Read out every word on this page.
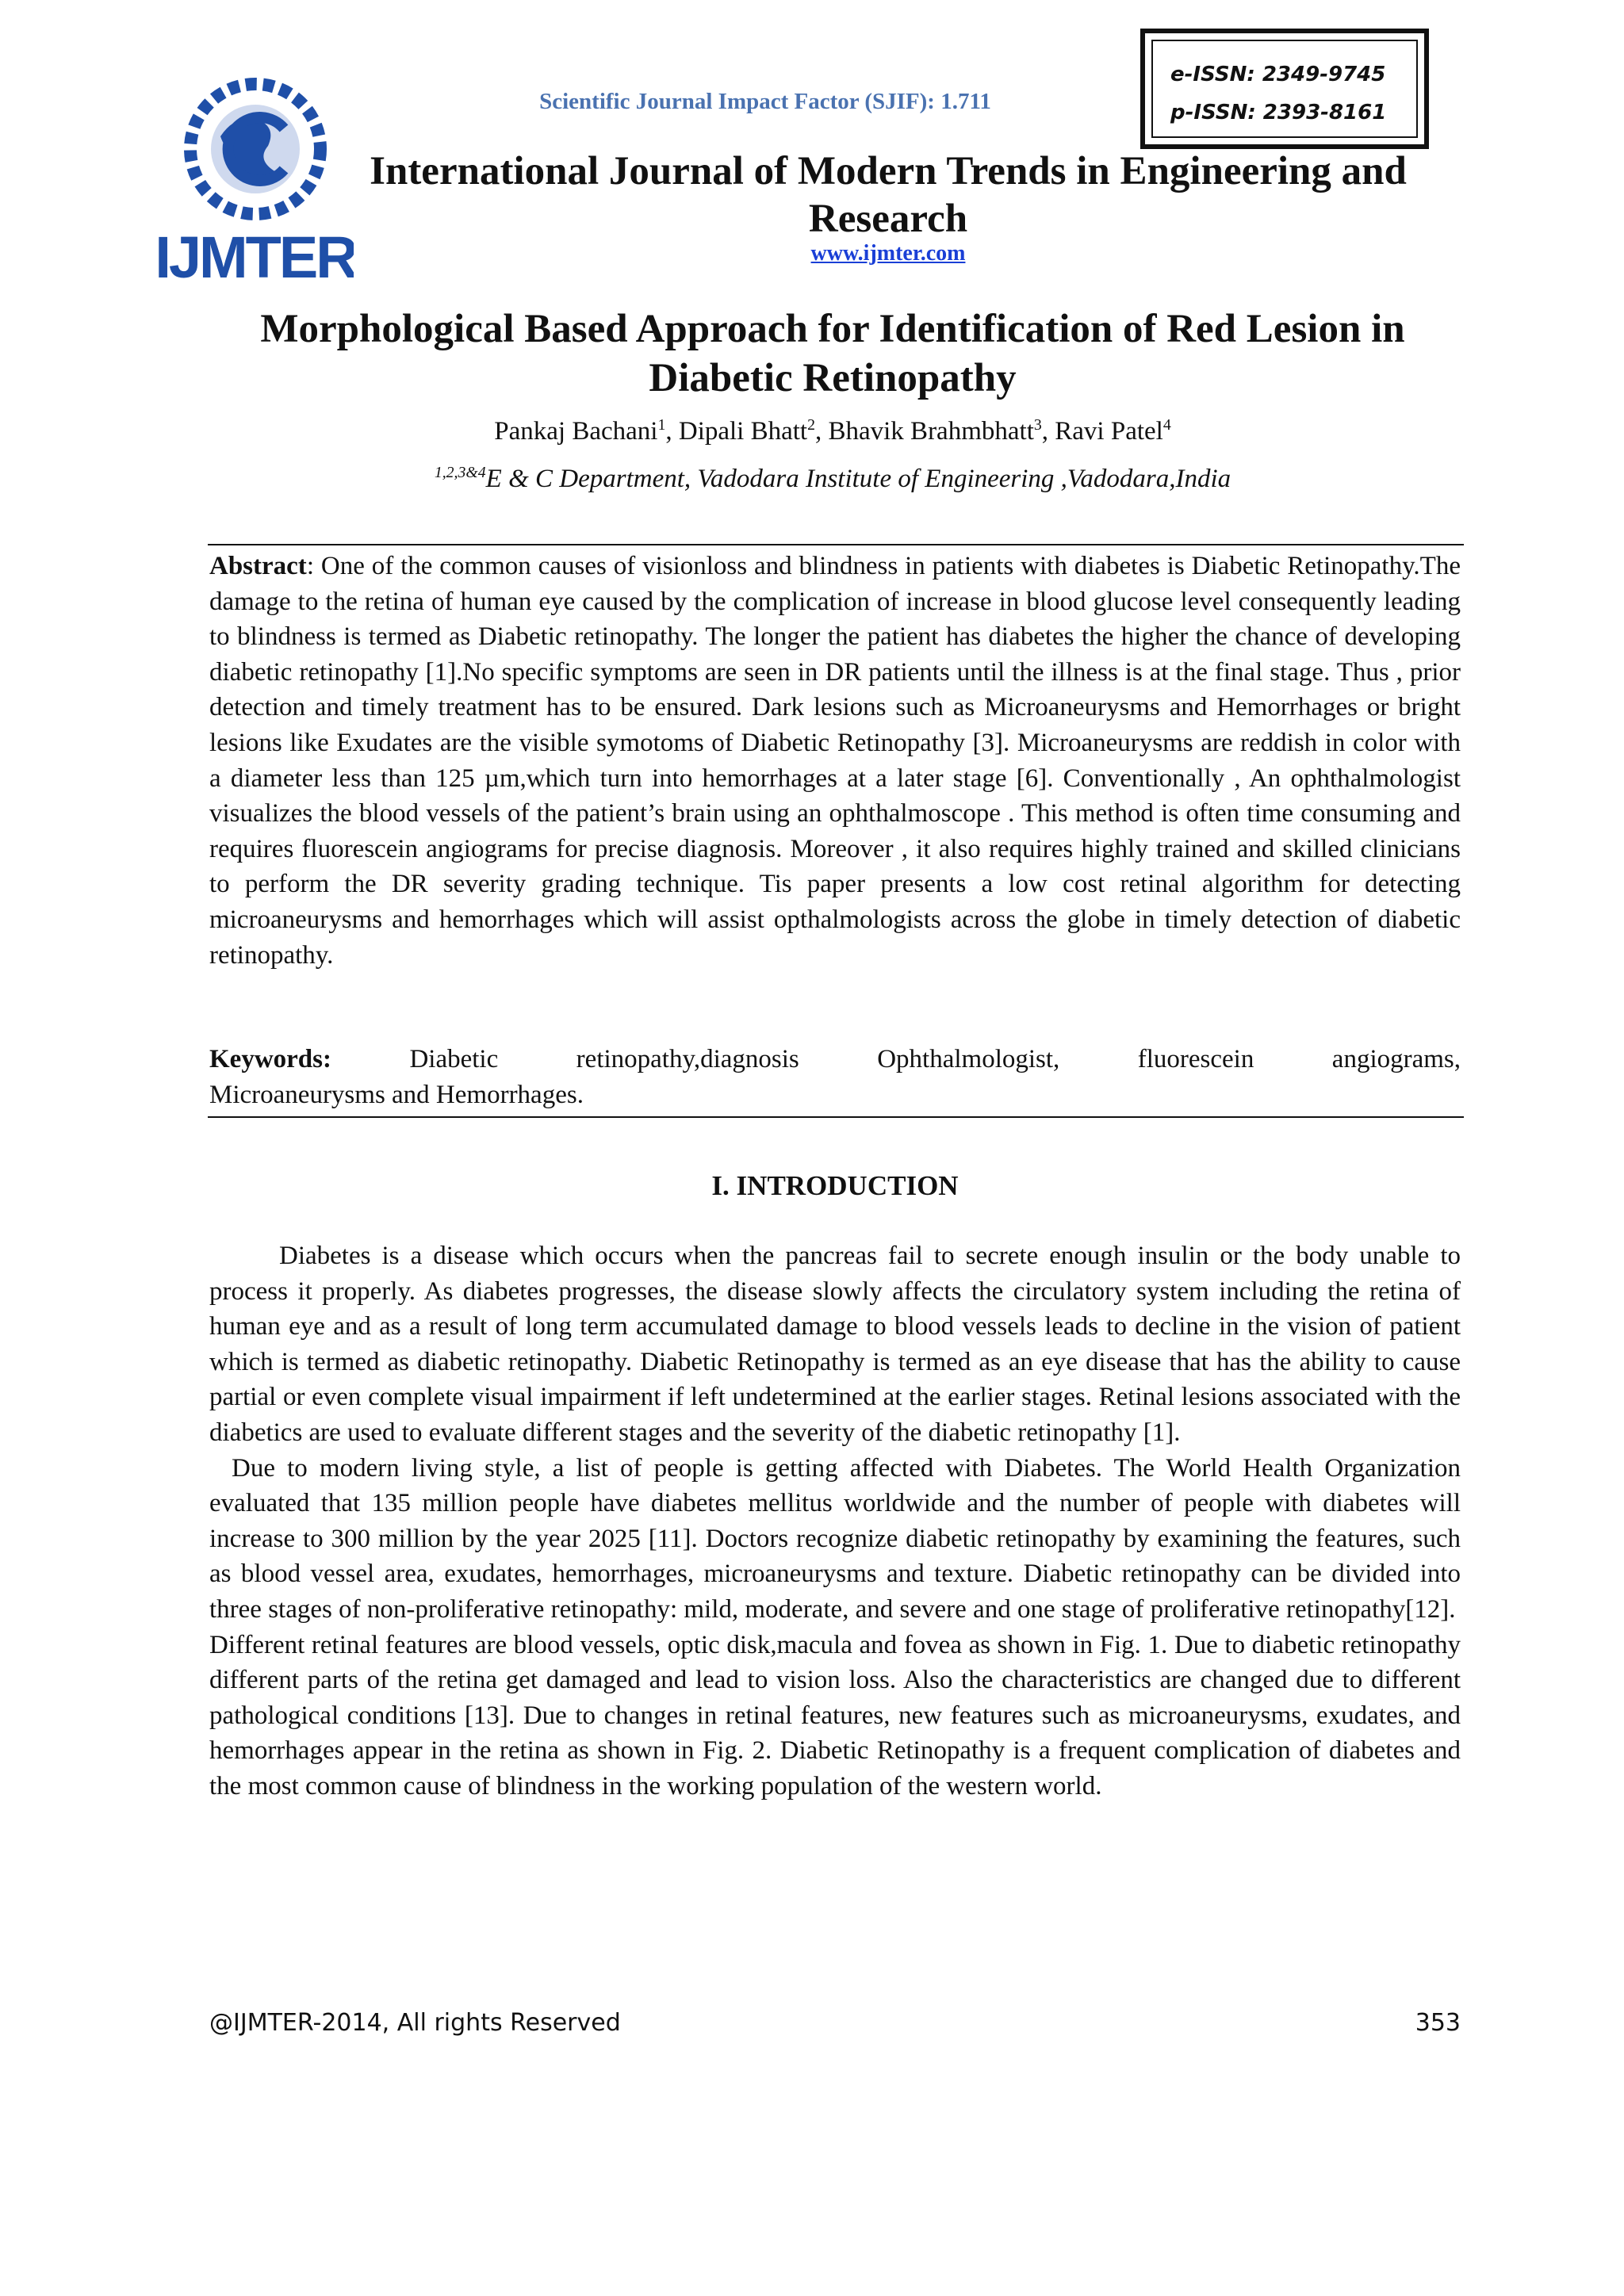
IJMTER
Scientific Journal Impact Factor (SJIF): 1.711
e-ISSN: 2349-9745
p-ISSN: 2393-8161
International Journal of Modern Trends in Engineering and Research
www.ijmter.com
Morphological Based Approach for Identification of Red Lesion in Diabetic Retinopathy
Pankaj Bachani$^1$, Dipali Bhatt$^2$, Bhavik Brahmbhatt$^3$, Ravi Patel$^4$
$^{1,2,3\&4}$E & C Department, Vadodara Institute of Engineering ,Vadodara,India
Abstract: One of the common causes of visionloss and blindness in patients with diabetes is Diabetic Retinopathy.The damage to the retina of human eye caused by the complication of increase in blood glucose level consequently leading to blindness is termed as Diabetic retinopathy. The longer the patient has diabetes the higher the chance of developing diabetic retinopathy [1].No specific symptoms are seen in DR patients until the illness is at the final stage. Thus , prior detection and timely treatment has to be ensured. Dark lesions such as Microaneurysms and Hemorrhages or bright lesions like Exudates are the visible symotoms of Diabetic Retinopathy [3]. Microaneurysms are reddish in color with a diameter less than 125 µm,which turn into hemorrhages at a later stage [6]. Conventionally , An ophthalmologist visualizes the blood vessels of the patient’s brain using an ophthalmoscope . This method is often time consuming and requires fluorescein angiograms for precise diagnosis. Moreover , it also requires highly trained and skilled clinicians to perform the DR severity grading technique. Tis paper presents a low cost retinal algorithm for detecting microaneurysms and hemorrhages which will assist opthalmologists across the globe in timely detection of diabetic retinopathy.
Keywords:	Diabetic retinopathy,diagnosis Ophthalmologist, fluorescein angiograms,
Microaneurysms and Hemorrhages.
I. INTRODUCTION

Diabetes is a disease which occurs when the pancreas fail to secrete enough insulin or the body unable to process it properly. As diabetes progresses, the disease slowly affects the circulatory system including the retina of human eye and as a result of long term accumulated damage to blood vessels leads to decline in the vision of patient which is termed as diabetic retinopathy. Diabetic Retinopathy is termed as an eye disease that has the ability to cause partial or even complete visual impairment if left undetermined at the earlier stages. Retinal lesions associated with the diabetics are used to evaluate different stages and the severity of the diabetic retinopathy [1].

Due to modern living style, a list of people is getting affected with Diabetes. The World Health Organization evaluated that 135 million people have diabetes mellitus worldwide and the number of people with diabetes will increase to 300 million by the year 2025 [11]. Doctors recognize diabetic retinopathy by examining the features, such as blood vessel area, exudates, hemorrhages, microaneurysms and texture. Diabetic retinopathy can be divided into three stages of non-proliferative retinopathy: mild, moderate, and severe and one stage of proliferative retinopathy[12].

Different retinal features are blood vessels, optic disk,macula and fovea as shown in Fig. 1. Due to diabetic retinopathy different parts of the retina get damaged and lead to vision loss. Also the characteristics are changed due to different pathological conditions [13]. Due to changes in retinal features, new features such as microaneurysms, exudates, and hemorrhages appear in the retina as shown in Fig. 2. Diabetic Retinopathy is a frequent complication of diabetes and the most common cause of blindness in the working population of the western world.

@IJMTER-2014, All rights Reserved	353
